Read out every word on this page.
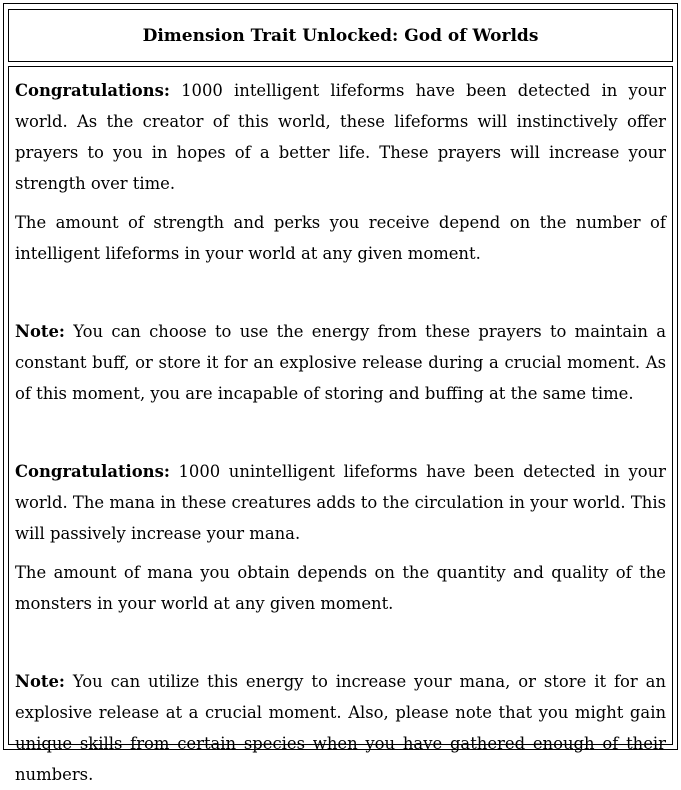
Dimension Trait Unlocked: God of Worlds

Congratulations: 1000 intelligent lifeforms have been detected in your world. As the creator of this world, these lifeforms will instinctively offer prayers to you in hopes of a better life. These prayers will increase your strength over time.

The amount of strength and perks you receive depend on the number of intelligent lifeforms in your world at any given moment.

Note: You can choose to use the energy from these prayers to maintain a constant buff, or store it for an explosive release during a crucial moment. As of this moment, you are incapable of storing and buffing at the same time.

Congratulations: 1000 unintelligent lifeforms have been detected in your world. The mana in these creatures adds to the circulation in your world. This will passively increase your mana.

The amount of mana you obtain depends on the quantity and quality of the monsters in your world at any given moment.

Note: You can utilize this energy to increase your mana, or store it for an explosive release at a crucial moment. Also, please note that you might gain unique skills from certain species when you have gathered enough of their numbers.
